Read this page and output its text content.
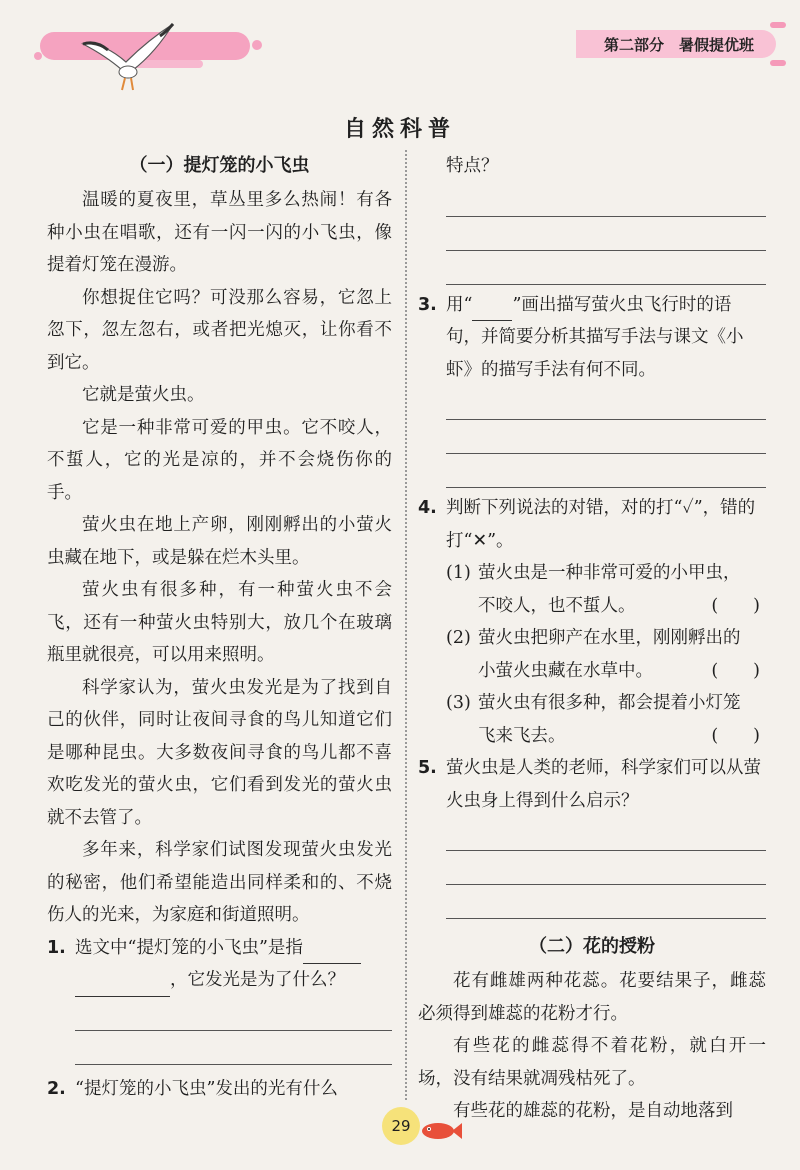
第二部分　暑假提优班
自然科普
（一）提灯笼的小飞虫

温暖的夏夜里，草丛里多么热闹！有各种小虫在唱歌，还有一闪一闪的小飞虫，像提着灯笼在漫游。

你想捉住它吗？可没那么容易，它忽上忽下，忽左忽右，或者把光熄灭，让你看不到它。

它就是萤火虫。

它是一种非常可爱的甲虫。它不咬人，不蜇人，它的光是凉的，并不会烧伤你的手。

萤火虫在地上产卵，刚刚孵出的小萤火虫藏在地下，或是躲在烂木头里。

萤火虫有很多种，有一种萤火虫不会飞，还有一种萤火虫特别大，放几个在玻璃瓶里就很亮，可以用来照明。

科学家认为，萤火虫发光是为了找到自己的伙伴，同时让夜间寻食的鸟儿知道它们是哪种昆虫。大多数夜间寻食的鸟儿都不喜欢吃发光的萤火虫，它们看到发光的萤火虫就不去管了。

多年来，科学家们试图发现萤火虫发光的秘密，他们希望能造出同样柔和的、不烧伤人的光来，为家庭和街道照明。

1. 选文中“提灯笼的小飞虫”是指
，它发光是为了什么？
2. “提灯笼的小飞虫”发出的光有什么
特点？
3. 用“ ”画出描写萤火虫飞行时的语句，并简要分析其描写手法与课文《小虾》的描写手法有何不同。
4. 判断下列说法的对错，对的打“✓”，错的打“✕”。
(1) 萤火虫是一种非常可爱的小甲虫，不咬人，也不蜇人。	(　　)
(2) 萤火虫把卵产在水里，刚刚孵出的小萤火虫藏在水草中。	(　　)
(3) 萤火虫有很多种，都会提着小灯笼飞来飞去。	(　　)
5. 萤火虫是人类的老师，科学家们可以从萤火虫身上得到什么启示？
（二）花的授粉

花有雌雄两种花蕊。花要结果子，雌蕊必须得到雄蕊的花粉才行。

有些花的雌蕊得不着花粉，就白开一场，没有结果就凋残枯死了。

有些花的雄蕊的花粉，是自动地落到

29
